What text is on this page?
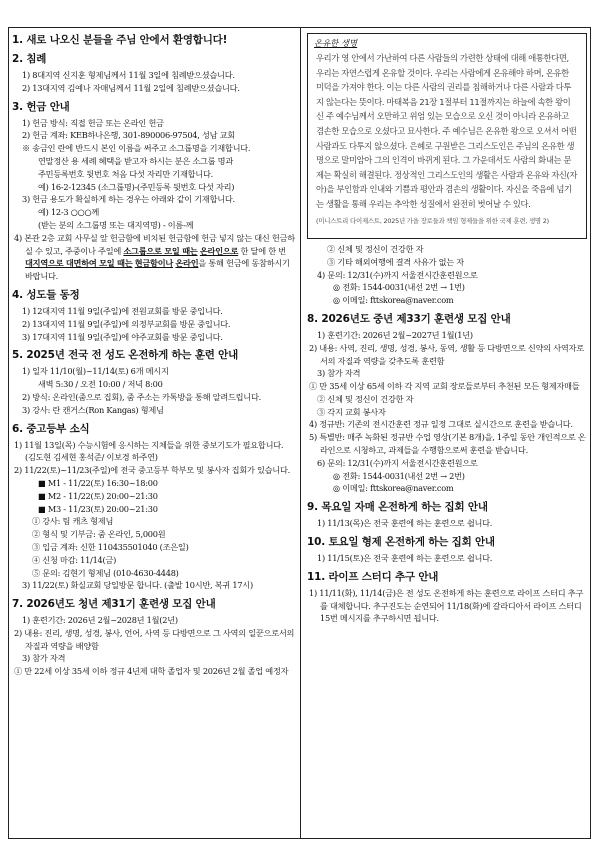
1. 새로 나오신 분들을 주님 안에서 환영합니다!

2. 침례

1) 8대지역 신지훈 형제님께서 11월 3일에 침례받으셨습니다.

2) 13대지역 김예나 자매님께서 11월 2일에 침례받으셨습니다.

3. 헌금 안내

1) 헌금 방식: 직접 헌금 또는 온라인 헌금

2) 헌금 계좌: KEB하나은행, 301-890006-97504, 성남 교회

※ 송금인 란에 반드시 본인 이름을 써주고 소그룹명을 기재합니다.

연말정산 용 세례 혜택을 받고자 하시는 분은 소그룹 명과

주민등록번호 뒷번호 처음 다섯 자리만 기재합니다.

예) 16-2-12345 (소그룹명)-(주민등록 뒷번호 다섯 자리)

3) 헌금 용도가 확실하게 하는 경우는 아래와 같이 기재합니다.

예) 12-3 ○○○께

(받는 분의 소그룹명 또는 대지역명) - 이름-께

4) 본관 2층 교회 사무실 앞 헌금함에 비치된 헌금함에 헌금 넣지 않는 대신 헌금하실 수 있고, 주중이나 주일에 소그룹으로 모일 때는 온라인으로 한 달에 한 번 대지역으로 대면하여 모일 때는 현금함이나 온라인을 통해 헌금에 동참하시기 바랍니다.

4. 성도들 동정

1) 12대지역 11월 9일(주일)에 전원교회를 방문 중입니다.

2) 13대지역 11월 9일(주일)에 의정부교회를 방문 중입니다.

3) 17대지역 11월 9일(주일)에 야주교회를 방문 중입니다.

5. 2025년 전국 전 성도 온전하게 하는 훈련 안내

1) 일자 11/10(월)~11/14(토) 6개 메시지

새벽 5:30 / 오전 10:00 / 저녁 8:00

2) 방식: 온라인(줌으로 집회), 줌 주소는 카톡방을 통해 알려드립니다.

3) 강사: 란 캔거스(Ron Kangas) 형제님

6. 중고등부 소식

1) 11월 13일(목) 수능시험에 응시하는 지체들을 위한 중보기도가 필요합니다. (김도현 김세현 홍석준/ 이보경 하주연)

2) 11/22(토)~11/23(주일)에 전국 중고등부 학부모 및 봉사자 집회가 있습니다.

■ M1 - 11/22(토) 16:30~18:00

■ M2 - 11/22(토) 20:00~21:30

■ M3 - 11/23(토) 20:00~21:30

① 강사: 팀 캐츠 형제님

② 형식 및 기부금: 줌 온라인, 5,000원

③ 입금 계좌: 신한 110435501040 (조은일)

④ 신청 마감: 11/14(금)

⑤ 문의: 김현기 형제님 (010-4630-4448)

3) 11/22(토) 화실교회 당일방문 합니다. (출발 10시반, 복귀 17시)

7. 2026년도 청년 제31기 훈련생 모집 안내

1) 훈련기간: 2026년 2월~2028년 1월(2년)

2) 내용: 진리, 생명, 성경, 봉사, 언어, 사역 등 다방면으로 그 사역의 일꾼으로서의 자질과 역량을 배양함

3) 참가 자격

① 만 22세 이상 35세 이하 정규 4년제 대학 졸업자 및 2026년 2월 졸업 예정자

온유한 생명

우리가 영 안에서 가난하여 다른 사람들의 가련한 상태에 대해 애통한다면, 우리는 자연스럽게 온유할 것이다. 우리는 사람에게 온유해야 하며, 온유한 미덕을 가져야 한다. 이는 다른 사람의 권리를 침해하거나 다른 사람과 다투지 않는다는 뜻이다. 마태복음 21장 1절부터 11절까지는 하늘에 속한 왕이신 주 예수님께서 오만하고 위엄 있는 모습으로 오신 것이 아니라 온유하고 겸손한 모습으로 오셨다고 묘사한다. 주 예수님은 온유한 왕으로 오셔서 어떤 사람과도 다투지 않으셨다. 은혜로 구원받은 그리스도인은 주님의 온유한 생명으로 말미암아 그의 인격이 바뀌게 된다. 그 가운데서도 사람의 화내는 문제는 확실히 해결된다. 정상적인 그리스도인의 생활은 사람과 온유와 자신(자아)을 부인함과 인내와 기쁨과 평안과 겸손의 생활이다. 자신을 죽음에 넘기는 생활을 통해 우리는 추악한 성질에서 완전히 벗어날 수 있다.

(미니스트리 다이제스트, 2025년 가을 장로들과 책임 형제들을 위한 국제 훈련, 생명 2)

② 신체 및 정신이 건강한 자

③ 기타 해외여행에 결격 사유가 없는 자

4) 문의: 12/31(수)까지 서울전시간훈련원으로

◎ 전화: 1544-0031(내선 2번 → 1번)

◎ 이메일: fttskorea@naver.com

8. 2026년도 중년 제33기 훈련생 모집 안내

1) 훈련기간: 2026년 2월~2027년 1월(1년)

2) 내용: 사역, 진리, 생명, 성경, 봉사, 동역, 생활 등 다방면으로 신약의 사역자로서의 자질과 역량을 갖추도록 훈련함

3) 참가 자격

① 만 35세 이상 65세 이하 각 지역 교회 장로들로부터 추천된 모든 형제자매들

② 신체 및 정신이 건강한 자

③ 각지 교회 봉사자

4) 정규반: 기존의 전시간훈련 정규 일정 그대로 실시간으로 훈련을 받습니다.

5) 특별반: 매주 녹화된 정규반 수업 영상(기본 8개)을, 1주일 동안 개인적으로 온라인으로 시청하고, 과제들을 수행함으로써 훈련을 받습니다.

6) 문의: 12/31(수)까지 서울전시간훈련원으로

◎ 전화: 1544-0031(내선 2번 → 2번)

◎ 이메일: fttskorea@naver.com

9. 목요일 자매 온전하게 하는 집회 안내

1) 11/13(목)은 전국 훈련에 하는 훈련으로 쉽니다.

10. 토요일 형제 온전하게 하는 집회 안내

1) 11/15(토)은 전국 훈련에 하는 훈련으로 쉽니다.

11. 라이프 스터디 추구 안내

1) 11/11(화), 11/14(금)은 전 성도 온전하게 하는 훈련으로 라이프 스터디 추구를 대체합니다. 추구진도는 순연되어 11/18(화)에 갈라디아서 라이프 스터디 15번 메시지를 추구하시면 됩니다.
